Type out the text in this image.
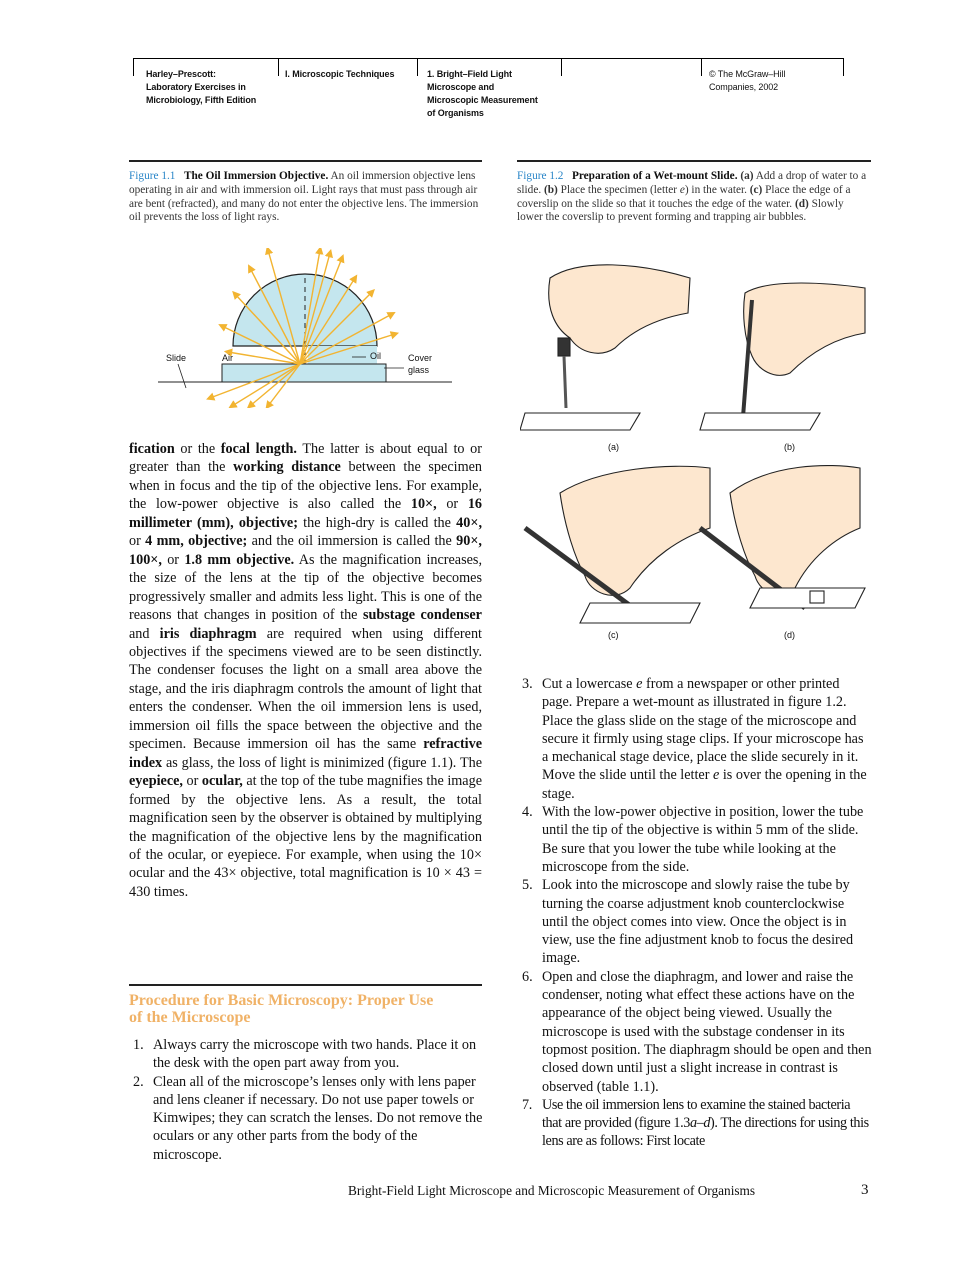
Harley–Prescott:
Laboratory Exercises in
Microbiology, Fifth Edition
I. Microscopic Techniques	1. Bright–Field Light
Microscope and
Microscopic Measurement
of Organisms
© The McGraw–Hill
Companies, 2002
Figure 1.1 The Oil Immersion Objective. An oil immersion objective lens operating in air and with immersion oil. Light rays that must pass through air are bent (refracted), and many do not enter the objective lens. The immersion oil prevents the loss of light rays.
Slide	Air	Oil	Cover
glass
Figure 1.2 Preparation of a Wet-mount Slide. (a) Add a drop of water to a slide. (b) Place the specimen (letter e) in the water. (c) Place the edge of a coverslip on the slide so that it touches the edge of the water. (d) Slowly lower the coverslip to prevent forming and trapping air bubbles.
(a)	(b)
(c)	(d)
fication or the focal length. The latter is about equal to or greater than the working distance between the specimen when in focus and the tip of the objective lens. For example, the low-power objective is also called the 10×, or 16 millimeter (mm), objective; the high-dry is called the 40×, or 4 mm, objective; and the oil immersion is called the 90×, 100×, or 1.8 mm objective. As the magnification increases, the size of the lens at the tip of the objective becomes progressively smaller and admits less light. This is one of the reasons that changes in position of the substage condenser and iris diaphragm are required when using different objectives if the specimens viewed are to be seen distinctly. The condenser focuses the light on a small area above the stage, and the iris diaphragm controls the amount of light that enters the condenser. When the oil immersion lens is used, immersion oil fills the space between the objective and the specimen. Because immersion oil has the same refractive index as glass, the loss of light is minimized (figure 1.1). The eyepiece, or ocular, at the top of the tube magnifies the image formed by the objective lens. As a result, the total magnification seen by the observer is obtained by multiplying the magnification of the objective lens by the magnification of the ocular, or eyepiece. For example, when using the 10× ocular and the 43× objective, total magnification is 10 × 43 = 430 times.
Procedure for Basic Microscopy: Proper Use
of the Microscope
1. Always carry the microscope with two hands. Place it on the desk with the open part away from you.
2. Clean all of the microscope’s lenses only with lens paper and lens cleaner if necessary. Do not use paper towels or Kimwipes; they can scratch the lenses. Do not remove the oculars or any other parts from the body of the microscope.
3. Cut a lowercase e from a newspaper or other printed page. Prepare a wet-mount as illustrated in figure 1.2. Place the glass slide on the stage of the microscope and secure it firmly using stage clips. If your microscope has a mechanical stage device, place the slide securely in it. Move the slide until the letter e is over the opening in the stage.
4. With the low-power objective in position, lower the tube until the tip of the objective is within 5 mm of the slide. Be sure that you lower the tube while looking at the microscope from the side.
5. Look into the microscope and slowly raise the tube by turning the coarse adjustment knob counterclockwise until the object comes into view. Once the object is in view, use the fine adjustment knob to focus the desired image.
6. Open and close the diaphragm, and lower and raise the condenser, noting what effect these actions have on the appearance of the object being viewed. Usually the microscope is used with the substage condenser in its topmost position. The diaphragm should be open and then closed down until just a slight increase in contrast is observed (table 1.1).
7. Use the oil immersion lens to examine the stained bacteria that are provided (figure 1.3a–d). The directions for using this lens are as follows: First locate
Bright-Field Light Microscope and Microscopic Measurement of Organisms	3
